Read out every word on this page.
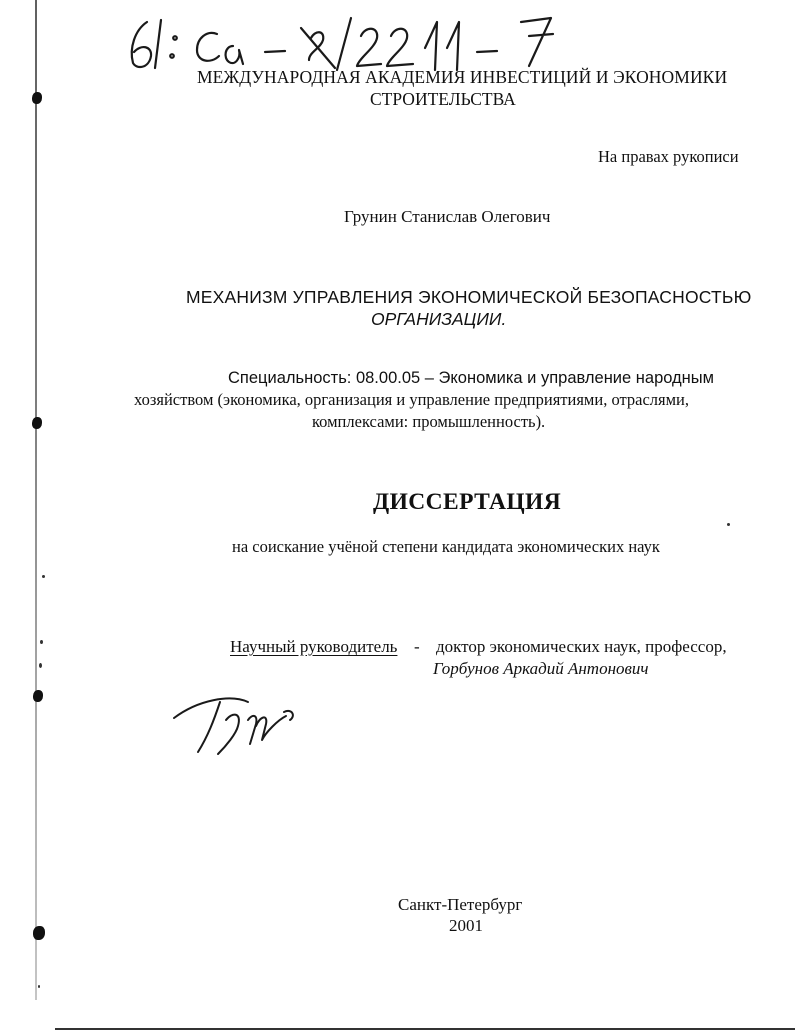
МЕЖДУНАРОДНАЯ АКАДЕМИЯ ИНВЕСТИЦИЙ И ЭКОНОМИКИ
СТРОИТЕЛЬСТВА
На правах рукописи
Грунин Станислав Олегович
МЕХАНИЗМ УПРАВЛЕНИЯ ЭКОНОМИЧЕСКОЙ БЕЗОПАСНОСТЬЮ
ОРГАНИЗАЦИИ.
Специальность: 08.00.05 – Экономика и управление народным
хозяйством (экономика, организация и управление предприятиями, отраслями,
комплексами: промышленность).
ДИССЕРТАЦИЯ
на соискание учёной степени кандидата экономических наук
Научный руководитель - доктор экономических наук, профессор,
Горбунов Аркадий Антонович
Санкт-Петербург
2001
